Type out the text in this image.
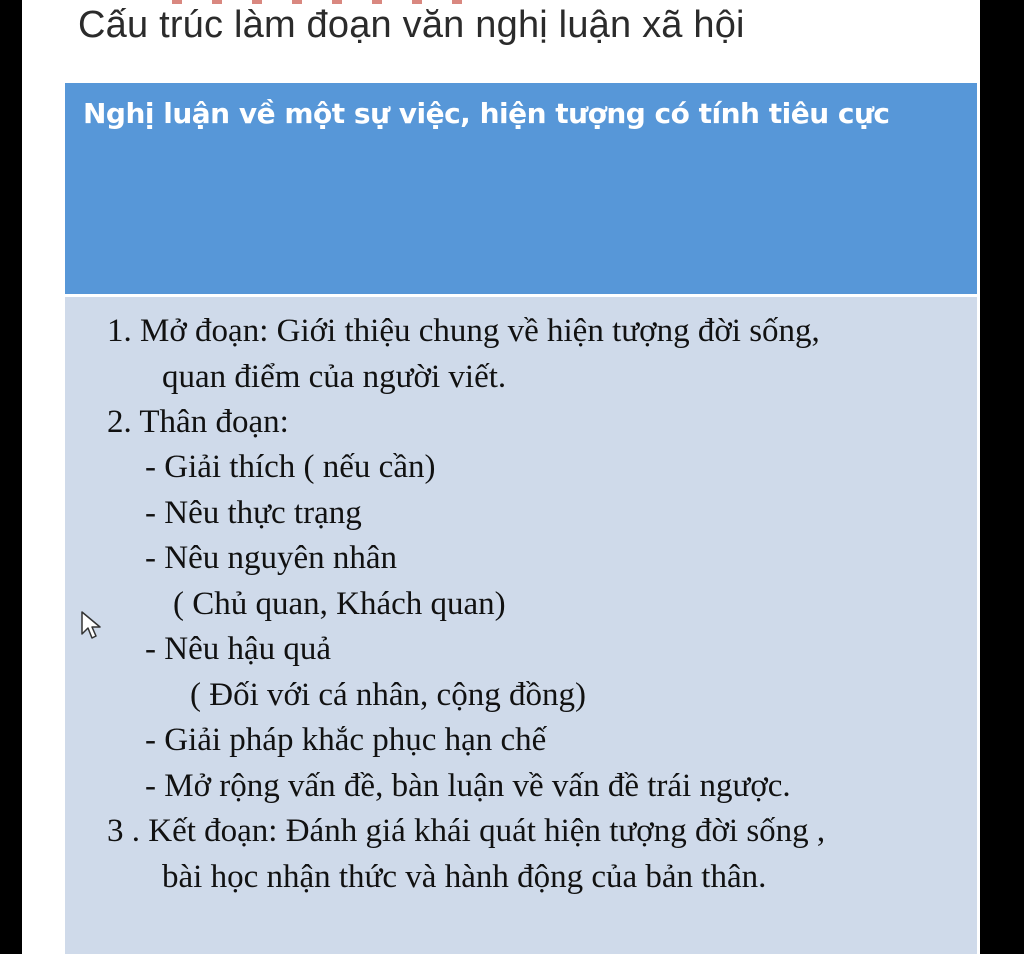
Cấu trúc làm đoạn văn nghị luận xã hội
Nghị luận về một sự việc, hiện tượng có tính tiêu cực
1. Mở đoạn: Giới thiệu chung về hiện tượng đời sống,
quan điểm của người viết.
2. Thân đoạn:
- Giải thích ( nếu cần)
- Nêu thực trạng
- Nêu nguyên nhân
( Chủ quan, Khách quan)
- Nêu hậu quả
( Đối với cá nhân, cộng đồng)
- Giải pháp khắc phục hạn chế
- Mở rộng vấn đề, bàn luận về vấn đề trái ngược.
3 . Kết đoạn: Đánh giá khái quát hiện tượng đời sống ,
bài học nhận thức và hành động của bản thân.
